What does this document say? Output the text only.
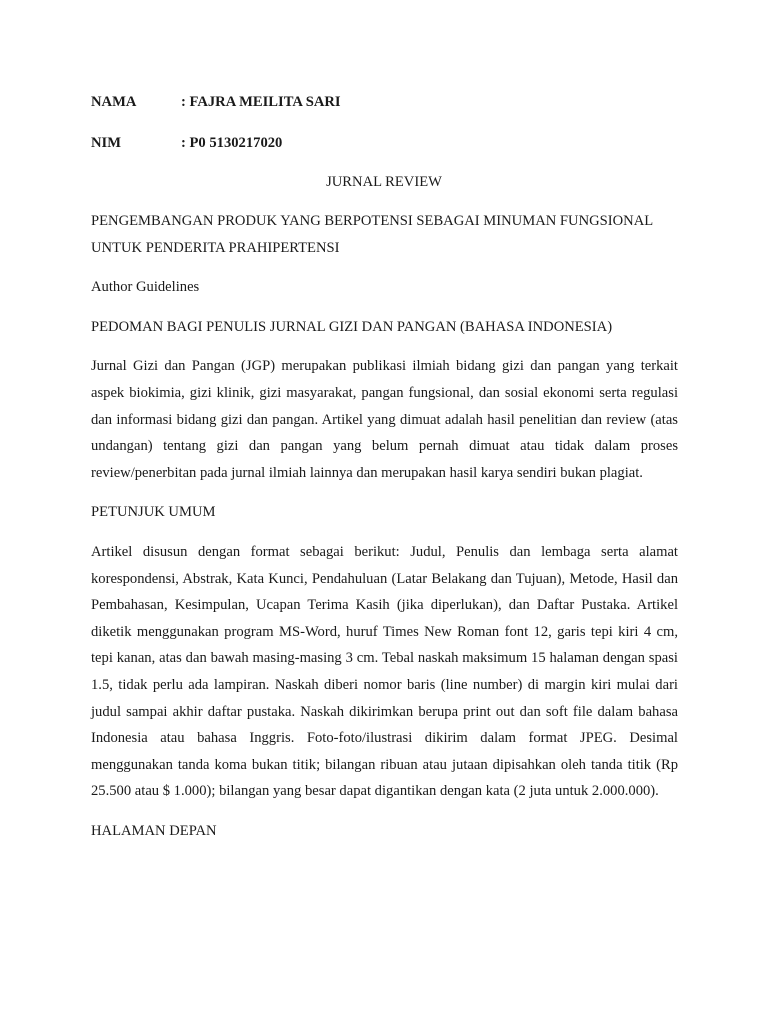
NAMA	: FAJRA MEILITA SARI
NIM	: P0 5130217020
JURNAL REVIEW

PENGEMBANGAN PRODUK YANG BERPOTENSI SEBAGAI MINUMAN FUNGSIONAL UNTUK PENDERITA PRAHIPERTENSI

Author Guidelines

PEDOMAN BAGI PENULIS JURNAL GIZI DAN PANGAN (BAHASA INDONESIA)

Jurnal Gizi dan Pangan (JGP) merupakan publikasi ilmiah bidang gizi dan pangan yang terkait aspek biokimia, gizi klinik, gizi masyarakat, pangan fungsional, dan sosial ekonomi serta regulasi dan informasi bidang gizi dan pangan. Artikel yang dimuat adalah hasil penelitian dan review (atas undangan) tentang gizi dan pangan yang belum pernah dimuat atau tidak dalam proses review/penerbitan pada jurnal ilmiah lainnya dan merupakan hasil karya sendiri bukan plagiat.

PETUNJUK UMUM

Artikel disusun dengan format sebagai berikut: Judul, Penulis dan lembaga serta alamat korespondensi, Abstrak, Kata Kunci, Pendahuluan (Latar Belakang dan Tujuan), Metode, Hasil dan Pembahasan, Kesimpulan, Ucapan Terima Kasih (jika diperlukan), dan Daftar Pustaka. Artikel diketik menggunakan program MS-Word, huruf Times New Roman font 12, garis tepi kiri 4 cm, tepi kanan, atas dan bawah masing-masing 3 cm. Tebal naskah maksimum 15 halaman dengan spasi 1.5, tidak perlu ada lampiran. Naskah diberi nomor baris (line number) di margin kiri mulai dari judul sampai akhir daftar pustaka. Naskah dikirimkan berupa print out dan soft file dalam bahasa Indonesia atau bahasa Inggris. Foto-foto/ilustrasi dikirim dalam format JPEG. Desimal menggunakan tanda koma bukan titik; bilangan ribuan atau jutaan dipisahkan oleh tanda titik (Rp 25.500 atau $ 1.000); bilangan yang besar dapat digantikan dengan kata (2 juta untuk 2.000.000).

HALAMAN DEPAN
